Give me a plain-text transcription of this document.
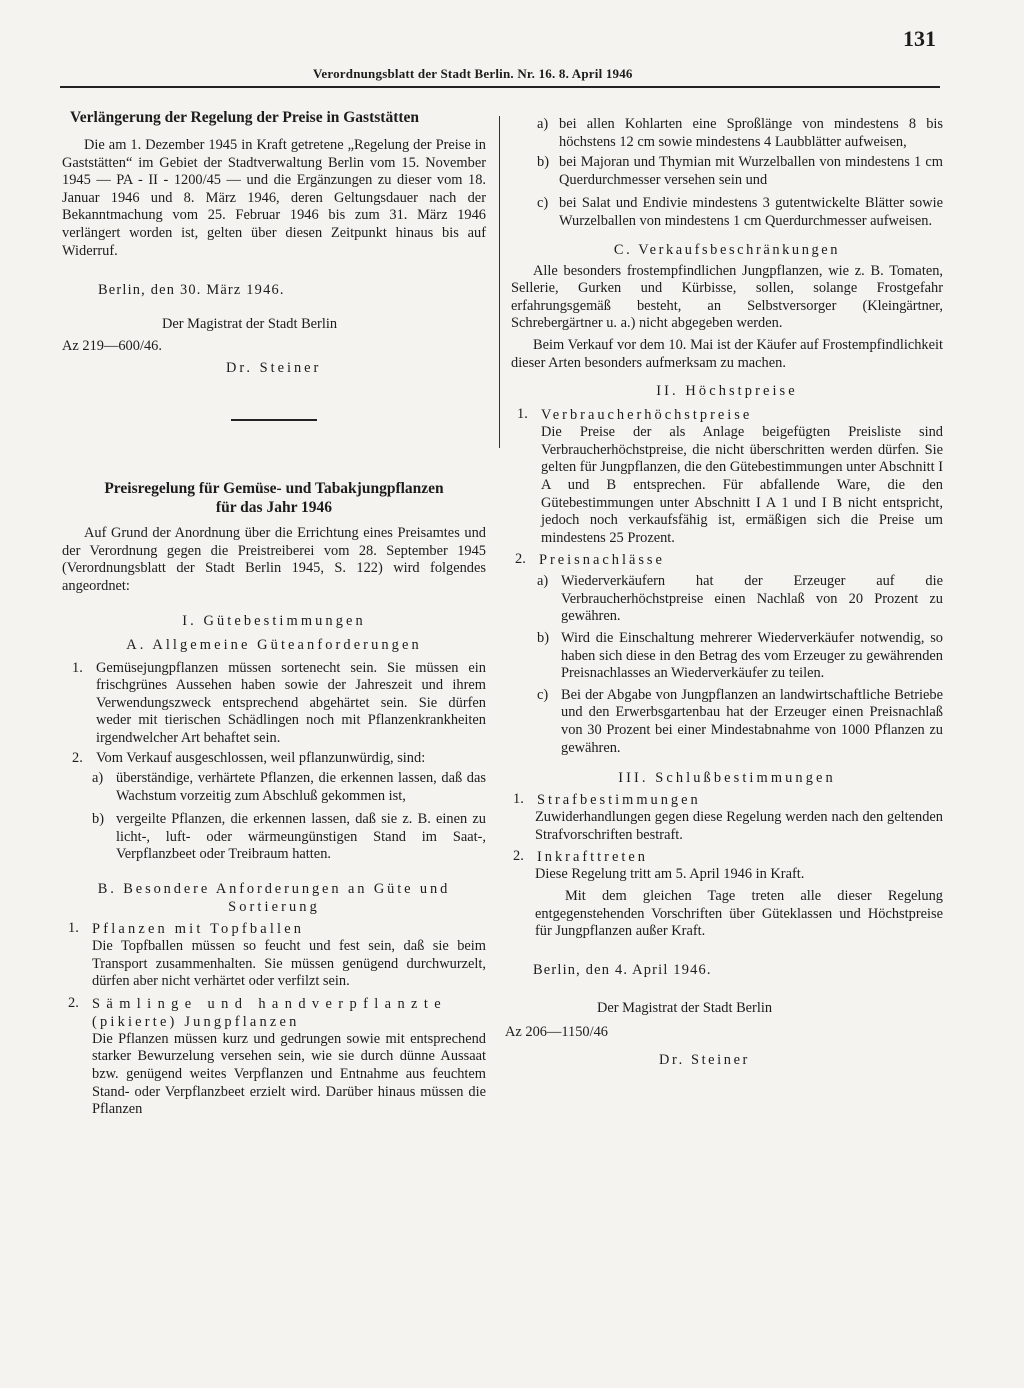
Verordnungsblatt der Stadt Berlin. Nr. 16. 8. April 1946
131
Verlängerung der Regelung der Preise in Gaststätten

Die am 1. Dezember 1945 in Kraft getretene „Regelung der Preise in Gaststätten“ im Gebiet der Stadtverwaltung Berlin vom 15. November 1945 — PA - II - 1200/45 — und die Ergänzungen zu dieser vom 18. Januar 1946 und 8. März 1946, deren Geltungsdauer nach der Bekanntmachung vom 25. Februar 1946 bis zum 31. März 1946 verlängert worden ist, gelten über diesen Zeitpunkt hinaus bis auf Widerruf.

Berlin, den 30. März 1946.

Der Magistrat der Stadt Berlin

Az 219—600/46.

Dr. Steiner

Preisregelung für Gemüse- und Tabakjungpflanzen
für das Jahr 1946

Auf Grund der Anordnung über die Errichtung eines Preisamtes und der Verordnung gegen die Preistreiberei vom 28. September 1945 (Verordnungsblatt der Stadt Berlin 1945, S. 122) wird folgendes angeordnet:

I. Gütebestimmungen
A. Allgemeine Güteanforderungen
1. Gemüsejungpflanzen müssen sortenecht sein. Sie müssen ein frischgrünes Aussehen haben sowie der Jahreszeit und ihrem Verwendungszweck entsprechend abgehärtet sein. Sie dürfen weder mit tierischen Schädlingen noch mit Pflanzenkrankheiten irgendwelcher Art behaftet sein.
2. Vom Verkauf ausgeschlossen, weil pflanzunwürdig, sind:
a) überständige, verhärtete Pflanzen, die erkennen lassen, daß das Wachstum vorzeitig zum Abschluß gekommen ist,
b) vergeilte Pflanzen, die erkennen lassen, daß sie z. B. einen zu licht-, luft- oder wärmeungünstigen Stand im Saat-, Verpflanzbeet oder Treibraum hatten.
B. Besondere Anforderungen an Güte und
Sortierung
1. Pflanzen mit Topfballen

Die Topfballen müssen so feucht und fest sein, daß sie beim Transport zusammenhalten. Sie müssen genügend durchwurzelt, dürfen aber nicht verhärtet oder verfilzt sein.

2. Sämlinge und handverpflanzte
(pikierte) Jungpflanzen

Die Pflanzen müssen kurz und gedrungen sowie mit entsprechend starker Bewurzelung versehen sein, wie sie durch dünne Aussaat bzw. genügend weites Verpflanzen und Entnahme aus feuchtem Stand- oder Verpflanzbeet erzielt wird. Darüber hinaus müssen die Pflanzen

a) bei allen Kohlarten eine Sproßlänge von mindestens 8 bis höchstens 12 cm sowie mindestens 4 Laubblätter aufweisen,
b) bei Majoran und Thymian mit Wurzelballen von mindestens 1 cm Querdurchmesser versehen sein und
c) bei Salat und Endivie mindestens 3 gutentwickelte Blätter sowie Wurzelballen von mindestens 1 cm Querdurchmesser aufweisen.
C. Verkaufsbeschränkungen

Alle besonders frostempfindlichen Jungpflanzen, wie z. B. Tomaten, Sellerie, Gurken und Kürbisse, sollen, solange Frostgefahr erfahrungsgemäß besteht, an Selbstversorger (Kleingärtner, Schrebergärtner u. a.) nicht abgegeben werden.

Beim Verkauf vor dem 10. Mai ist der Käufer auf Frostempfindlichkeit dieser Arten besonders aufmerksam zu machen.

II. Höchstpreise
1. Verbraucherhöchstpreise

Die Preise der als Anlage beigefügten Preisliste sind Verbraucherhöchstpreise, die nicht überschritten werden dürfen. Sie gelten für Jungpflanzen, die den Gütebestimmungen unter Abschnitt I A und B entsprechen. Für abfallende Ware, die den Gütebestimmungen unter Abschnitt I A 1 und I B nicht entspricht, jedoch noch verkaufsfähig ist, ermäßigen sich die Preise um mindestens 25 Prozent.

2. Preisnachlässe
a) Wiederverkäufern hat der Erzeuger auf die Verbraucherhöchstpreise einen Nachlaß von 20 Prozent zu gewähren.
b) Wird die Einschaltung mehrerer Wiederverkäufer notwendig, so haben sich diese in den Betrag des vom Erzeuger zu gewährenden Preisnachlasses an Wiederverkäufer zu teilen.
c) Bei der Abgabe von Jungpflanzen an landwirtschaftliche Betriebe und den Erwerbsgartenbau hat der Erzeuger einen Preisnachlaß von 30 Prozent bei einer Mindestabnahme von 1000 Pflanzen zu gewähren.
III. Schlußbestimmungen
1. Strafbestimmungen

Zuwiderhandlungen gegen diese Regelung werden nach den geltenden Strafvorschriften bestraft.

2. Inkrafttreten

Diese Regelung tritt am 5. April 1946 in Kraft.

Mit dem gleichen Tage treten alle dieser Regelung entgegenstehenden Vorschriften über Güteklassen und Höchstpreise für Jungpflanzen außer Kraft.

Berlin, den 4. April 1946.

Der Magistrat der Stadt Berlin

Az 206—1150/46

Dr. Steiner
